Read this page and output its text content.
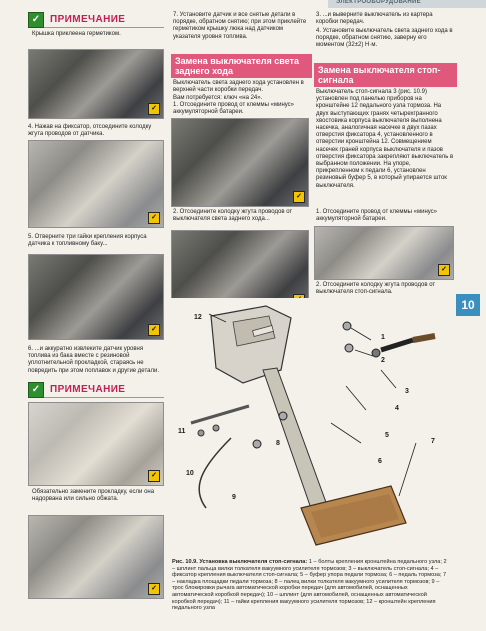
ЭЛЕКТРООБОРУДОВАНИЕ
✓ ПРИМЕЧАНИЕ
Крышка приклеена герметиком.
✓
4. Нажав на фиксатор, отсоедините колодку жгута проводов от датчика.
✓
5. Отверните три гайки крепления корпуса датчика к топливному баку...
✓
6. ...и аккуратно извлеките датчик уровня топлива из бака вместе с резиновой уплотнительной прокладкой, стараясь не повредить при этом поплавок и другие детали.
✓ ПРИМЕЧАНИЕ
✓
Обязательно замените прокладку, если она надорвана или сильно обжата.
✓
7. Установите датчик и все снятые детали в порядке, обратном снятию; при этом приклейте герметиком крышку люка над датчиком указателя уровня топлива.
Замена выключателя света заднего хода
Выключатель света заднего хода установлен в верхней части коробки передач.
Вам потребуется: ключ «на 24».
1. Отсоедините провод от клеммы «минус» аккумуляторной батареи.
✓
2. Отсоедините колодку жгута проводов от выключателя света заднего хода...
3. ...и выверните выключатель из картера коробки передач.
4. Установите выключатель света заднего хода в порядке, обратном снятию, заверну его моментом (32±2) Н·м.
Замена выключателя стоп-сигнала
Выключатель стоп-сигнала 3 (рис. 10.9) установлен под панелью приборов на кронштейне 12 педального узла тормоза. На двух выступающих гранях четырехгранного хвостовика корпуса выключателя выполнена насечка, аналогичная насечке в двух пазах отверстия фиксатора 4, установленного в отверстии кронштейна 12. Совмещением насечек граней корпуса выключателя и пазов отверстия фиксатора закрепляют выключатель в выбранном положении. На упоре, прикрепленном к педали 6, установлен резиновый буфер 5, в который упирается шток выключателя.
1. Отсоедините провод от клеммы «минус» аккумуляторной батареи.
✓
2. Отсоедините колодку жгута проводов от выключателя стоп-сигнала.
10
12
1
2
3
4
5
6
7
8
9
10
11
Рис. 10.9. Установка выключателя стоп-сигнала: 1 – болты крепления кронштейна педального узла; 2 – шплинт пальца вилки толкателя вакуумного усилителя тормозов; 3 – выключатель стоп-сигнала; 4 – фиксатор крепления выключателя стоп-сигнала; 5 – буфер упора педали тормоза; 6 – педаль тормоза; 7 – накладка площадки педали тормоза; 8 – палец вилки толкателя вакуумного усилителя тормозов; 9 – трос блокировки рычага автоматической коробки передач (для автомобилей, оснащенных автоматической коробкой передач); 10 – шплинт (для автомобилей, оснащенных автоматической коробкой передач); 11 – гайки крепления вакуумного усилителя тормозов; 12 – кронштейн крепления педального узла
